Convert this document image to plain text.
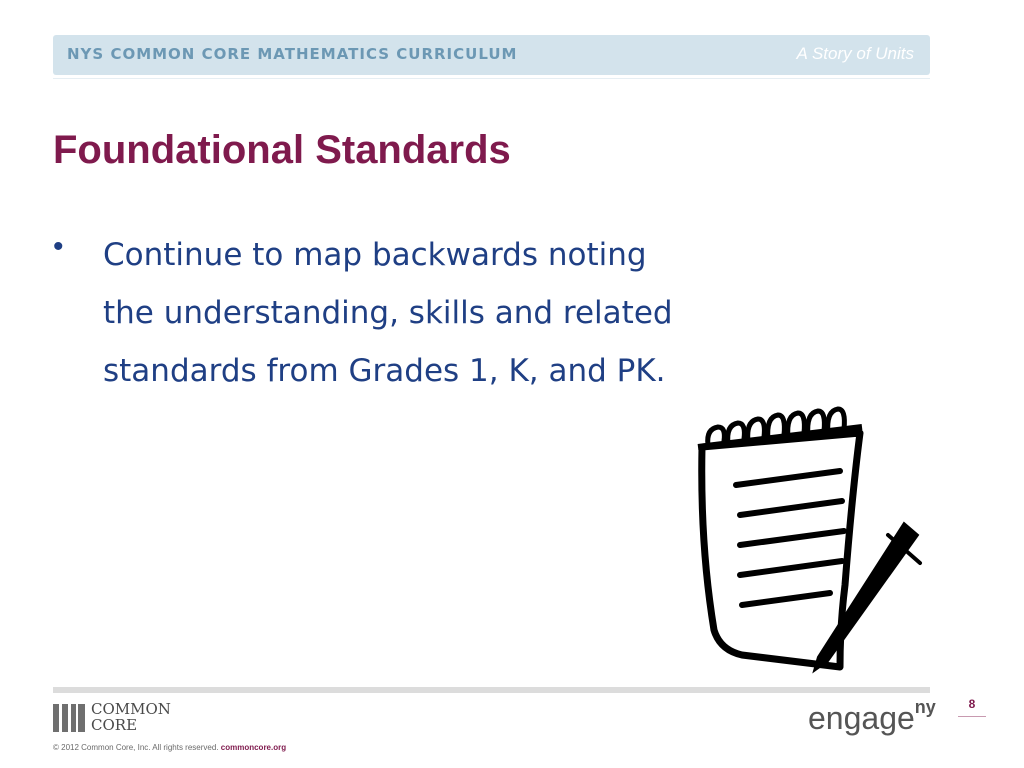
NYS COMMON CORE MATHEMATICS CURRICULUM	A Story of Units
Foundational Standards
• Continue to map backwards noting
the understanding, skills and related
standards from Grades 1, K, and PK.
COMMON
CORE	engage$^{ny}$	8
© 2012 Common Core, Inc. All rights reserved. commoncore.org
